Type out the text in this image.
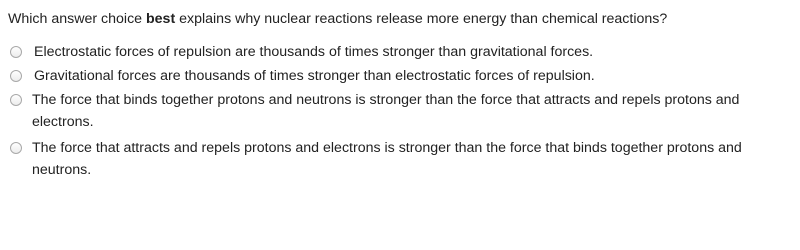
Which answer choice best explains why nuclear reactions release more energy than chemical reactions?
Electrostatic forces of repulsion are thousands of times stronger than gravitational forces.
Gravitational forces are thousands of times stronger than electrostatic forces of repulsion.
The force that binds together protons and neutrons is stronger than the force that attracts and repels protons and electrons.
The force that attracts and repels protons and electrons is stronger than the force that binds together protons and neutrons.
